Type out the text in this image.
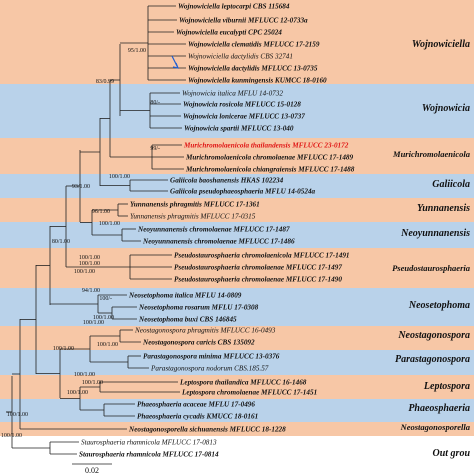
Wojnowiciella leptocarpi CBS 115684
Wojnowiciella viburnii MFLUCC 12-0733a
Wojnowiciella eucalypti CPC 25024
Wojnowiciella clematidis MFLUCC 17-2159
Wojnowiciella dactylidis CBS 32741
Wojnowiciella dactylidis MFLUCC 13-0735
Wojnowiciella kunmingensis KUMCC 18-0160
Wojnowicia italica MFLU 14-0732
Wojnowicia rosicola MFLUCC 15-0128
Wojnowicia lonicerae MFLUCC 13-0737
Wojnowicia spartii MFLUCC 13-040
Murichromolaenicola thailandensis MFLUCC 23-0172
Murichromolaenicola chromolaenae MFLUCC 17-1489
Murichromolaenicola chiangraiensis MFLUCC 17-1488
Galiicola baoshanensis HKAS 102234
Galiicola pseudophaeosphaeria MFLU 14-0524a
Yunnanensis phragmitis MFLUCC 17-1361
Yunnanensis phragmitis MFLUCC 17-0315
Neoyunnanensis chromolaenae MFLUCC 17-1487
Neoyunnanensis chromolaenae MFLUCC 17-1486
Pseudostaurosphaeria chromolaenicola MFLUCC 17-1491
Pseudostaurosphaeria chromolaenae MFLUCC 17-1497
Pseudostaurosphaeria chromolaenae MFLUCC 17-1490
Neosetophoma italica MFLU 14-0809
Neosetophoma rosarum MFLU 17-0308
Neosetophoma buxi CBS 146845
Neostagonospora phragmitis MFLUCC 16-0493
Neostagonospora caricis CBS 135092
Parastagonospora minima MFLUCC 13-0376
Parastagonospora nodorum CBS.185.57
Leptospora thailandica MFLUCC 16-1468
Leptospora chromolaenae MFLUCC 17-1451
Phaeosphaeria acaceae MFLU 17-0496
Phaeosphaeria cycadis KMUCC 18-0161
Neostagonosporella sichuanensis MFLUCC 18-1228
Staurosphaeria rhamnicola MFLUCC 17-0813
Staurosphaeria rhamnicola MFLUCC 17-0814
95/1.00
83/0.99
80/-
99/-
100/1.00
93/1.00
96/1.00
100/1.00
80/1.00
100/1.00
100/1.00
100/1.00
94/1.00
100/-
100/1.00
100/1.00
100/1.00
100/1.00
100/1.00
100/1.00
100/1.00
100/1.00
100/1.00
0.02
Wojnowiciella
Wojnowicia
Murichromolaenicola
Galiicola
Yunnanensis
Neoyunnanensis
Pseudostaurosphaeria
Neosetophoma
Neostagonospora
Parastagonospora
Leptospora
Phaeosphaeria
Neostagonosporella
Out grou
